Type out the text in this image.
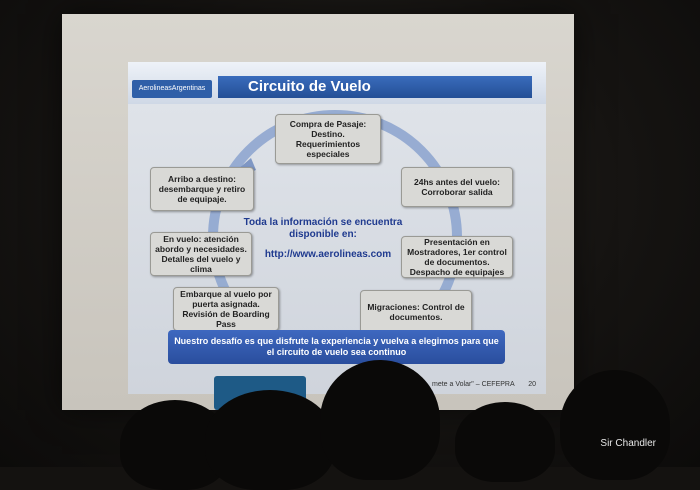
AerolineasArgentinas	Circuito de Vuelo
Compra de Pasaje: Destino. Requerimientos especiales
24hs antes del vuelo: Corroborar salida
Presentación en Mostradores, 1er control de documentos. Despacho de equipajes
Migraciones: Control de documentos.
Embarque al vuelo por puerta asignada. Revisión de Boarding Pass
En vuelo: atención abordo y necesidades. Detalles del vuelo y clima
Arribo a destino: desembarque y retiro de equipaje.
Toda la información se encuentra disponible en:
http://www.aerolineas.com
Nuestro desafío es que disfrute la experiencia y vuelva a elegirnos para que el circuito de vuelo sea continuo
mete a Volar" – CEFEPRA 20
Sir Chandler
